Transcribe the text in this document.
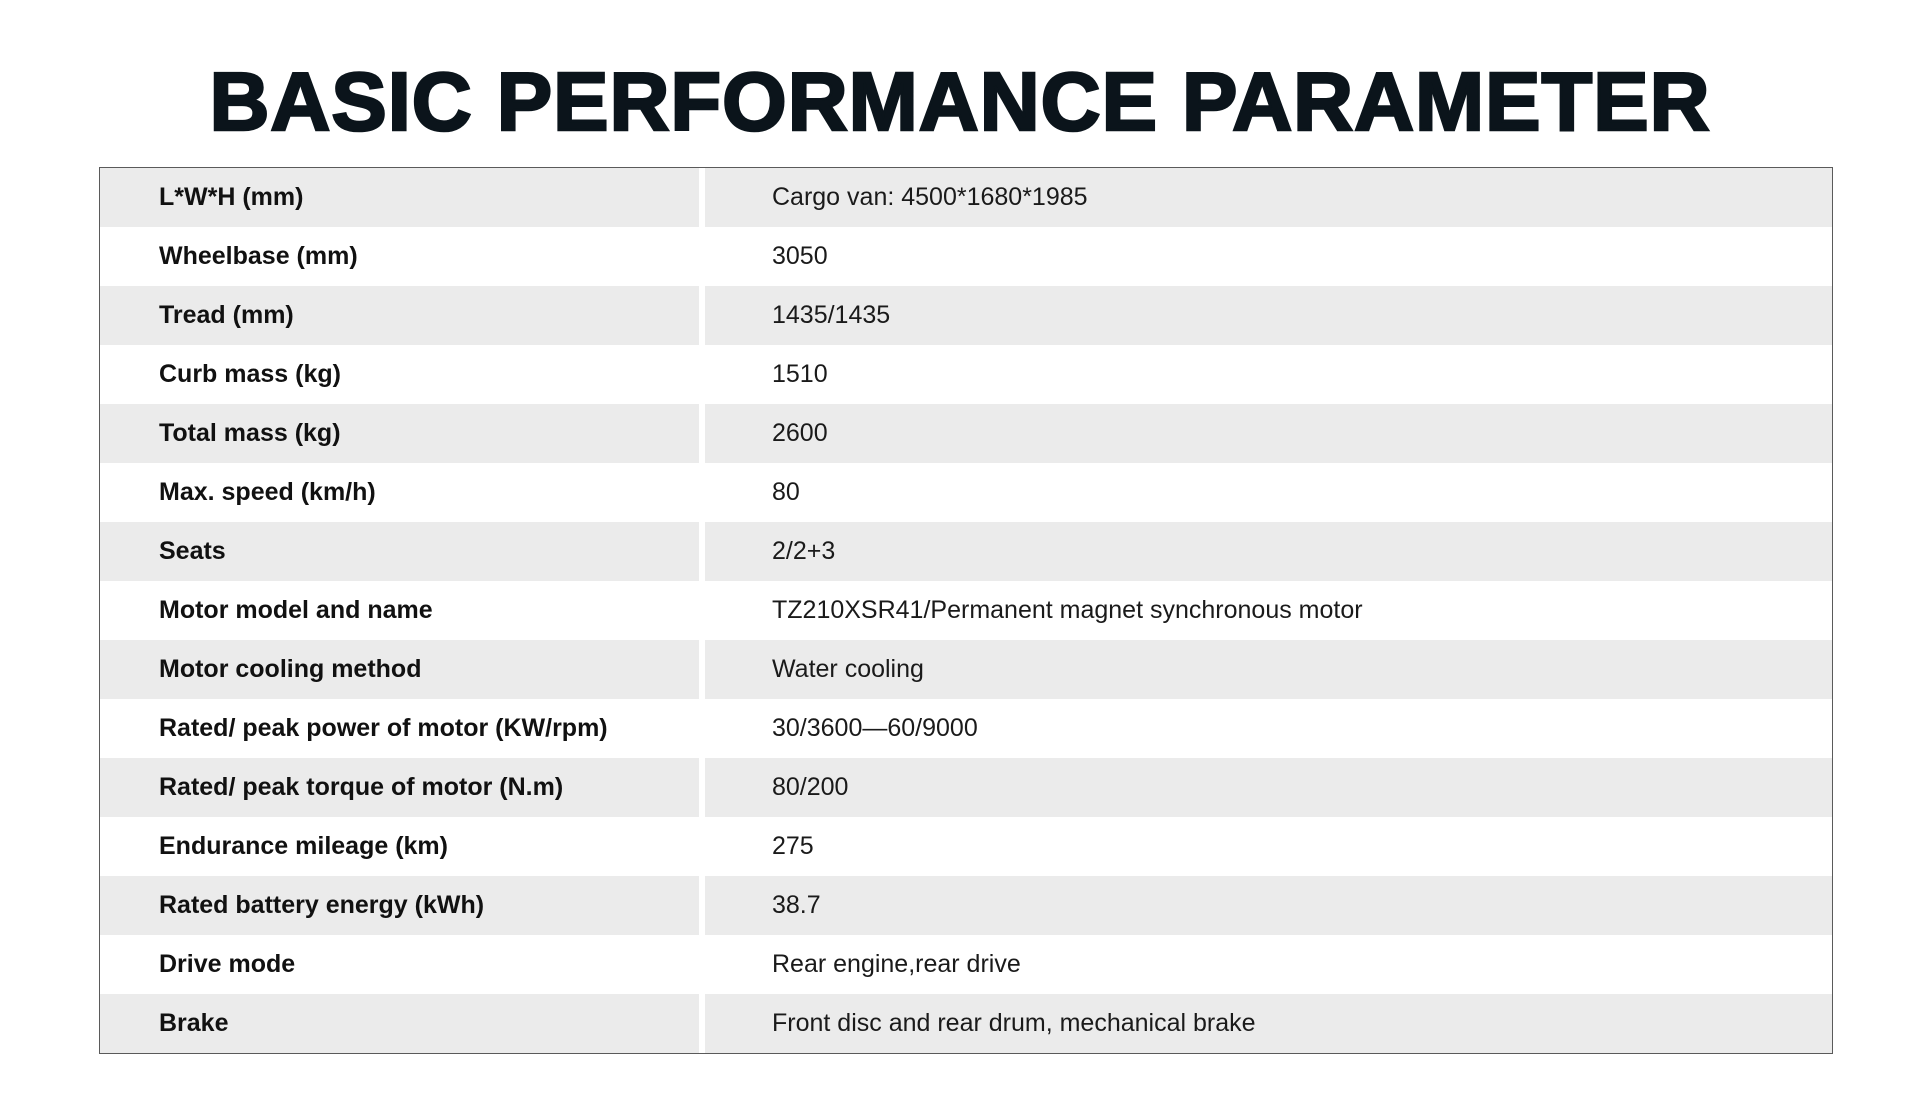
BASIC PERFORMANCE PARAMETER
L*W*H (mm)	Cargo van: 4500*1680*1985
Wheelbase (mm)	3050
Tread (mm)	1435/1435
Curb mass (kg)	1510
Total mass (kg)	2600
Max. speed (km/h)	80
Seats	2/2+3
Motor model and name	TZ210XSR41/Permanent magnet synchronous motor
Motor cooling method	Water cooling
Rated/ peak power of motor (KW/rpm)	30/3600—60/9000
Rated/ peak torque of motor (N.m)	80/200
Endurance mileage (km)	275
Rated battery energy (kWh)	38.7
Drive mode	Rear engine,rear drive
Brake	Front disc and rear drum, mechanical brake
